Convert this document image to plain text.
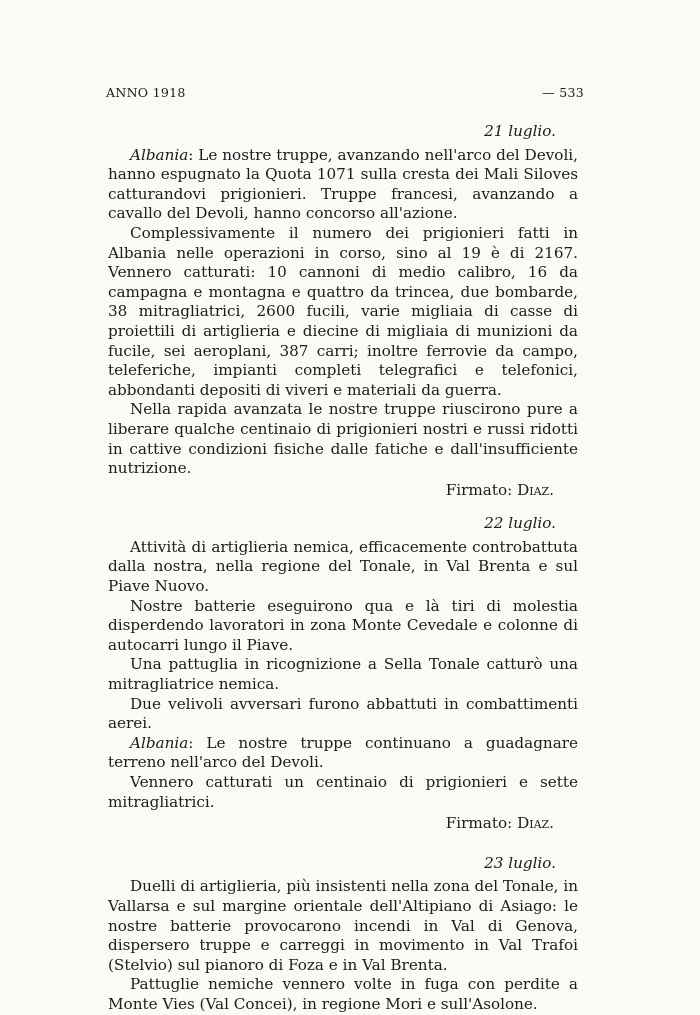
ANNO 1918	— 533
21 luglio.

Albania: Le nostre truppe, avanzando nell'arco del Devoli, hanno espugnato la Quota 1071 sulla cresta dei Mali Siloves catturandovi prigionieri. Truppe francesi, avanzando a cavallo del Devoli, hanno concorso all'azione.

Complessivamente il numero dei prigionieri fatti in Albania nelle operazioni in corso, sino al 19 è di 2167. Vennero catturati: 10 cannoni di medio calibro, 16 da campagna e montagna e quattro da trincea, due bombarde, 38 mitragliatrici, 2600 fucili, varie migliaia di casse di proiettili di artiglieria e diecine di migliaia di munizioni da fucile, sei aeroplani, 387 carri; inoltre ferrovie da campo, teleferiche, impianti completi telegrafici e telefonici, abbondanti depositi di viveri e materiali da guerra.

Nella rapida avanzata le nostre truppe riuscirono pure a liberare qualche centinaio di prigionieri nostri e russi ridotti in cattive condizioni fisiche dalle fatiche e dall'insufficiente nutrizione.

Firmato: Diaz.
22 luglio.

Attività di artiglieria nemica, efficacemente controbattuta dalla nostra, nella regione del Tonale, in Val Brenta e sul Piave Nuovo.

Nostre batterie eseguirono qua e là tiri di molestia disperdendo lavoratori in zona Monte Cevedale e colonne di autocarri lungo il Piave.

Una pattuglia in ricognizione a Sella Tonale catturò una mitragliatrice nemica.

Due velivoli avversari furono abbattuti in combattimenti aerei.

Albania: Le nostre truppe continuano a guadagnare terreno nell'arco del Devoli.

Vennero catturati un centinaio di prigionieri e sette mitragliatrici.

Firmato: Diaz.
23 luglio.

Duelli di artiglieria, più insistenti nella zona del Tonale, in Vallarsa e sul margine orientale dell'Altipiano di Asiago: le nostre batterie provocarono incendi in Val di Genova, dispersero truppe e carreggi in movimento in Val Trafoi (Stelvio) sul pianoro di Foza e in Val Brenta.

Pattuglie nemiche vennero volte in fuga con perdite a Monte Vies (Val Concei), in regione Mori e sull'Asolone.
